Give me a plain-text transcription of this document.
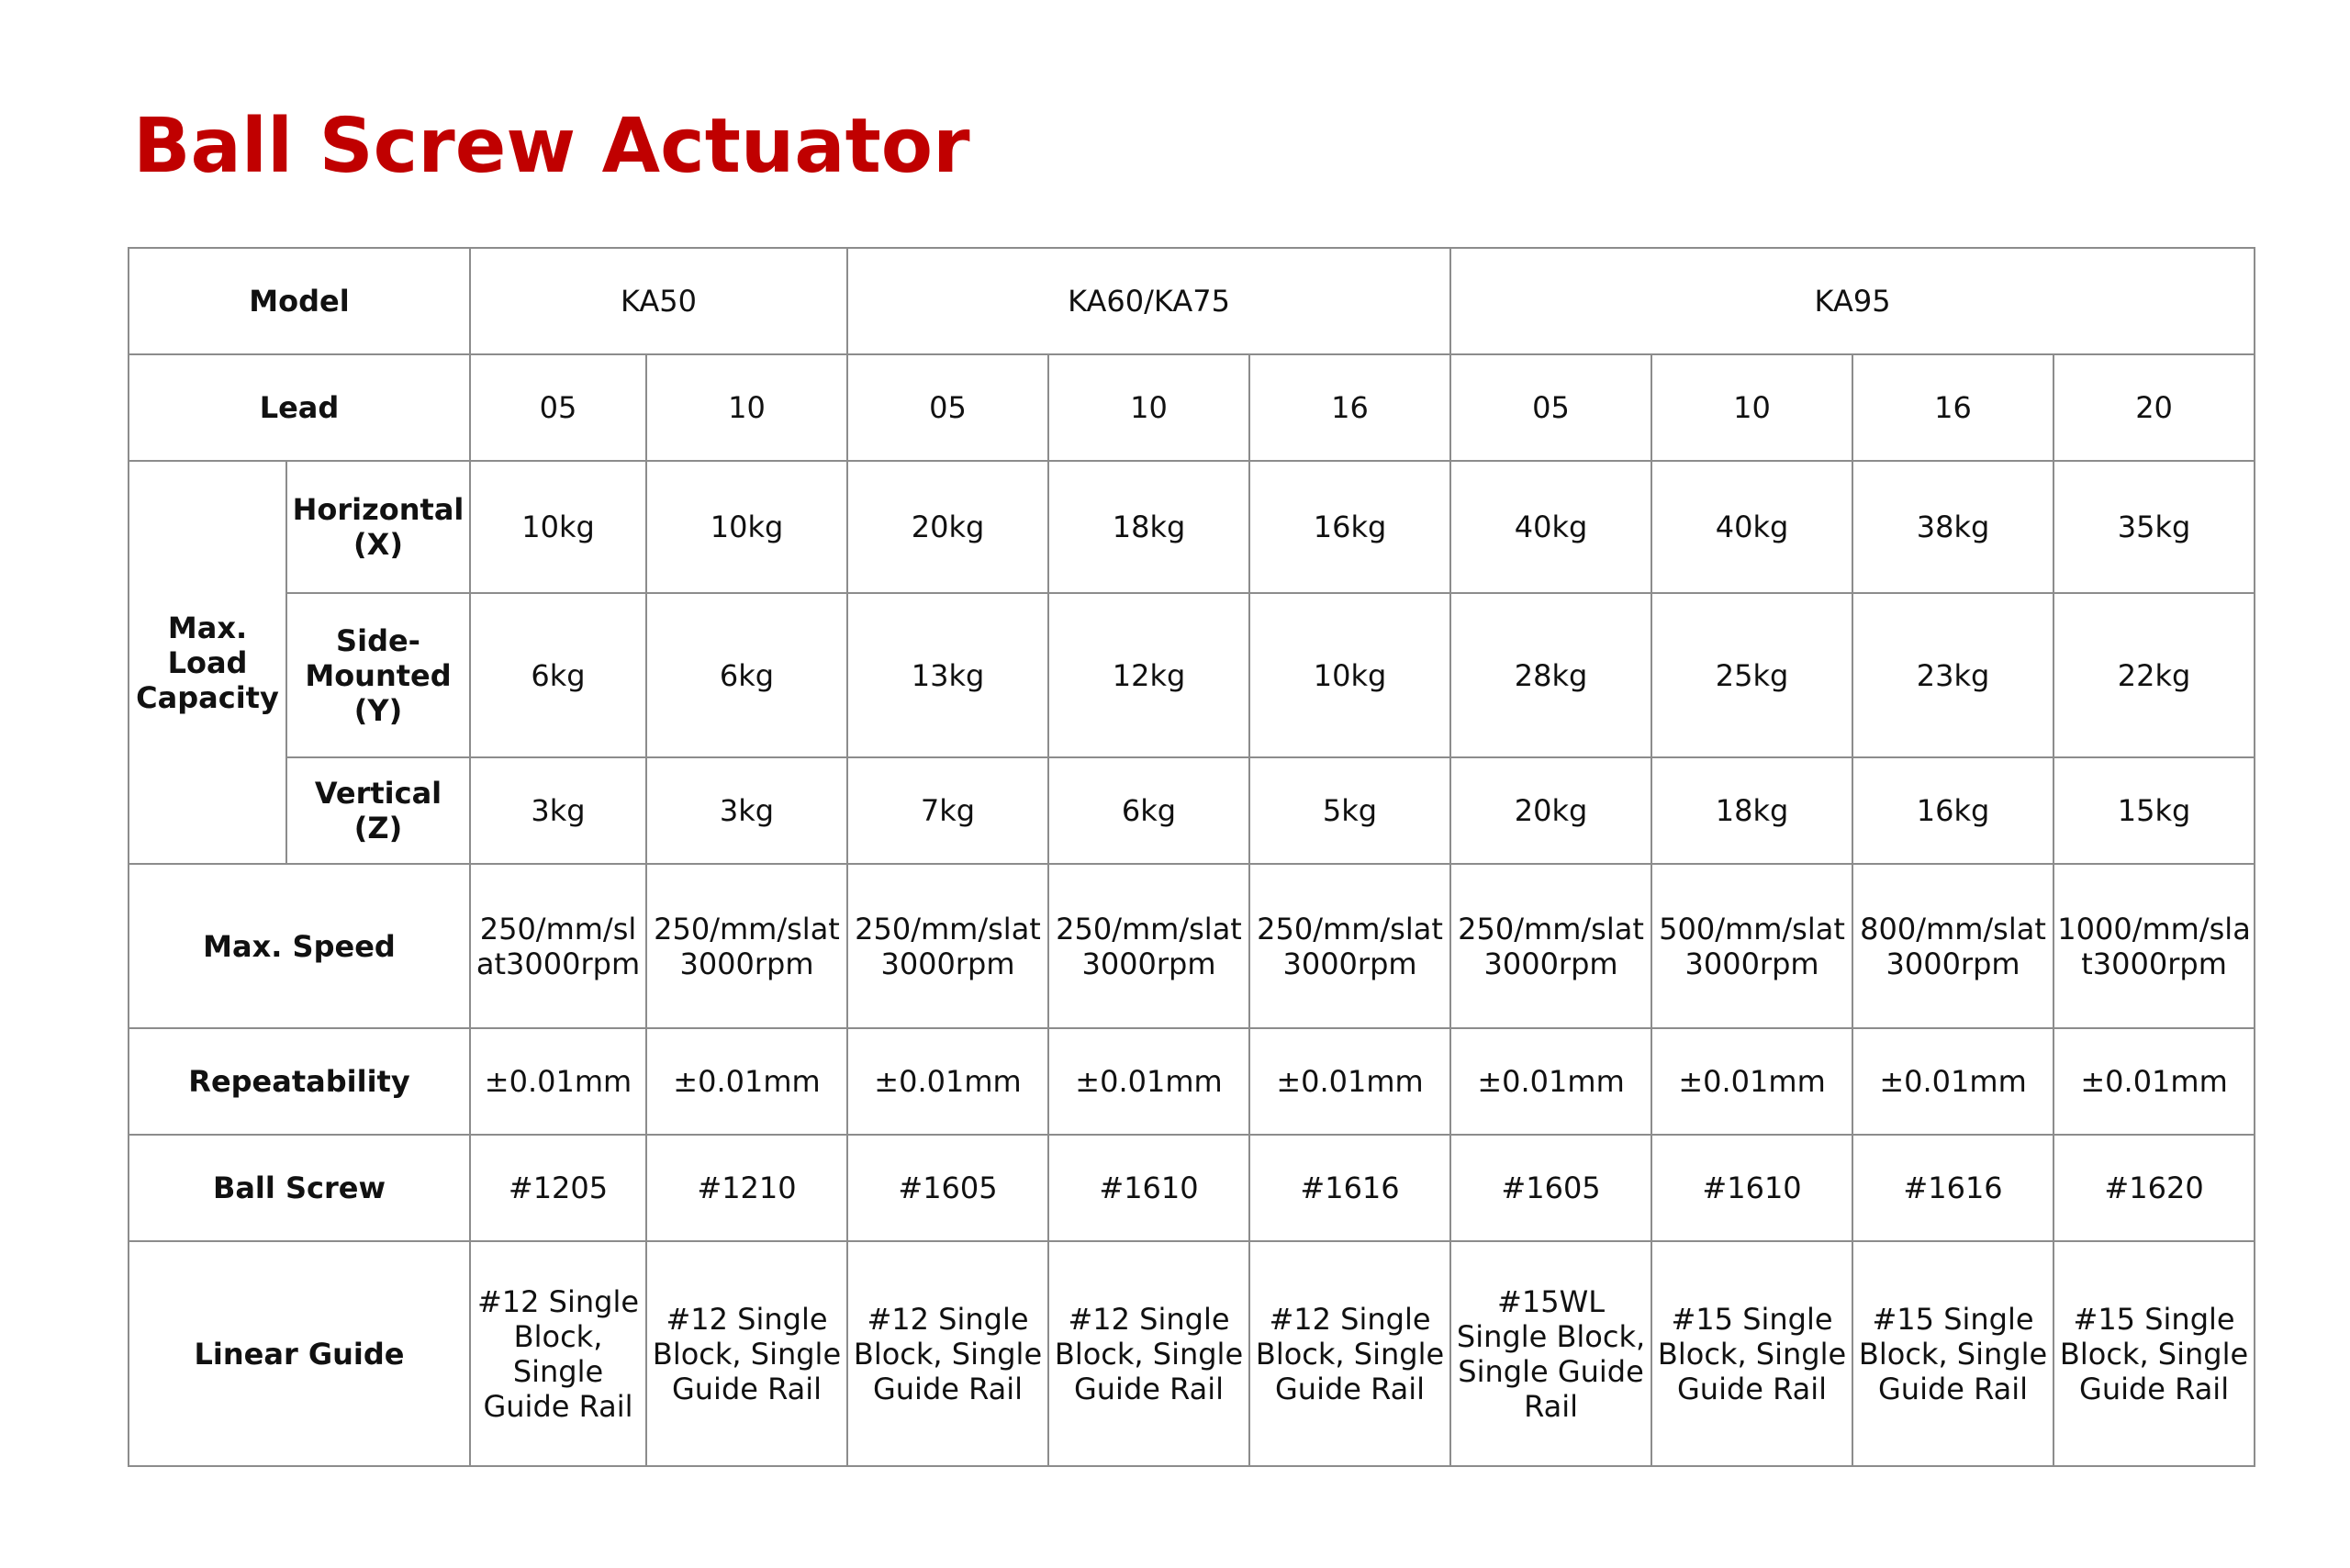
Ball Screw Actuator
Model		KA50		KA60/KA75			KA95			
Lead		05	10	05	10	16	05	10	16	20
Max. Load Capacity	Horizontal (X)	10kg	10kg	20kg	18kg	16kg	40kg	40kg	38kg	35kg
	Side-Mounted (Y)	6kg	6kg	13kg	12kg	10kg	28kg	25kg	23kg	22kg
	Vertical (Z)	3kg	3kg	7kg	6kg	5kg	20kg	18kg	16kg	15kg
Max. Speed		250/mm/slat3000rpm	250/mm/slat 3000rpm	250/mm/slat 3000rpm	250/mm/slat 3000rpm	250/mm/slat 3000rpm	250/mm/slat 3000rpm	500/mm/slat 3000rpm	800/mm/slat 3000rpm	1000/mm/slat3000rpm
Repeatability		±0.01mm	±0.01mm	±0.01mm	±0.01mm	±0.01mm	±0.01mm	±0.01mm	±0.01mm	±0.01mm
Ball Screw		#1205	#1210	#1605	#1610	#1616	#1605	#1610	#1616	#1620
Linear Guide		#12 Single Block, Single Guide Rail	#12 Single Block, Single Guide Rail	#12 Single Block, Single Guide Rail	#12 Single Block, Single Guide Rail	#12 Single Block, Single Guide Rail	#15WL Single Block, Single Guide Rail	#15 Single Block, Single Guide Rail	#15 Single Block, Single Guide Rail	#15 Single Block, Single Guide Rail
